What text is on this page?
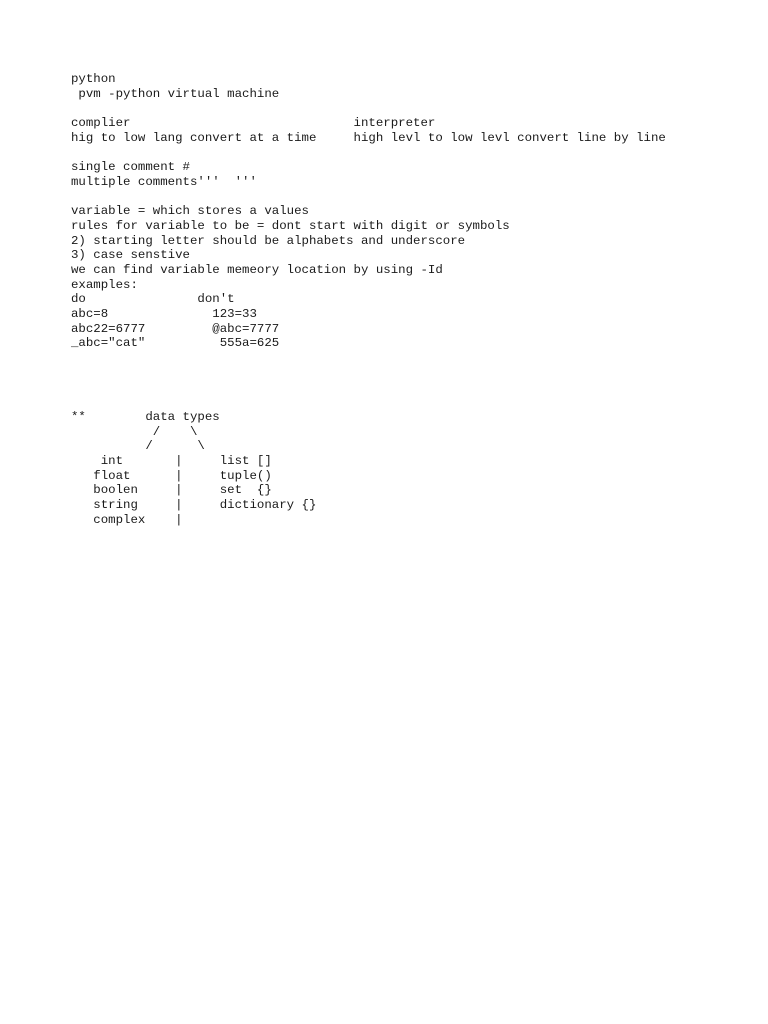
python
pvm -python virtual machine
complier                              interpreter
hig to low lang convert at a time     high levl to low levl convert line by line
single comment #
multiple comments'''  '''
variable = which stores a values
rules for variable to be = dont start with digit or symbols
2) starting letter should be alphabets and underscore
3) case senstive
we can find variable memeory location by using -Id
examples:
do               don't
abc=8              123=33
abc22=6777         @abc=7777
_abc="cat"          555a=625
**        data types
/    \
/      \
int       |     list []
float      |     tuple()
boolen     |     set  {}
string     |     dictionary {}
complex    |
